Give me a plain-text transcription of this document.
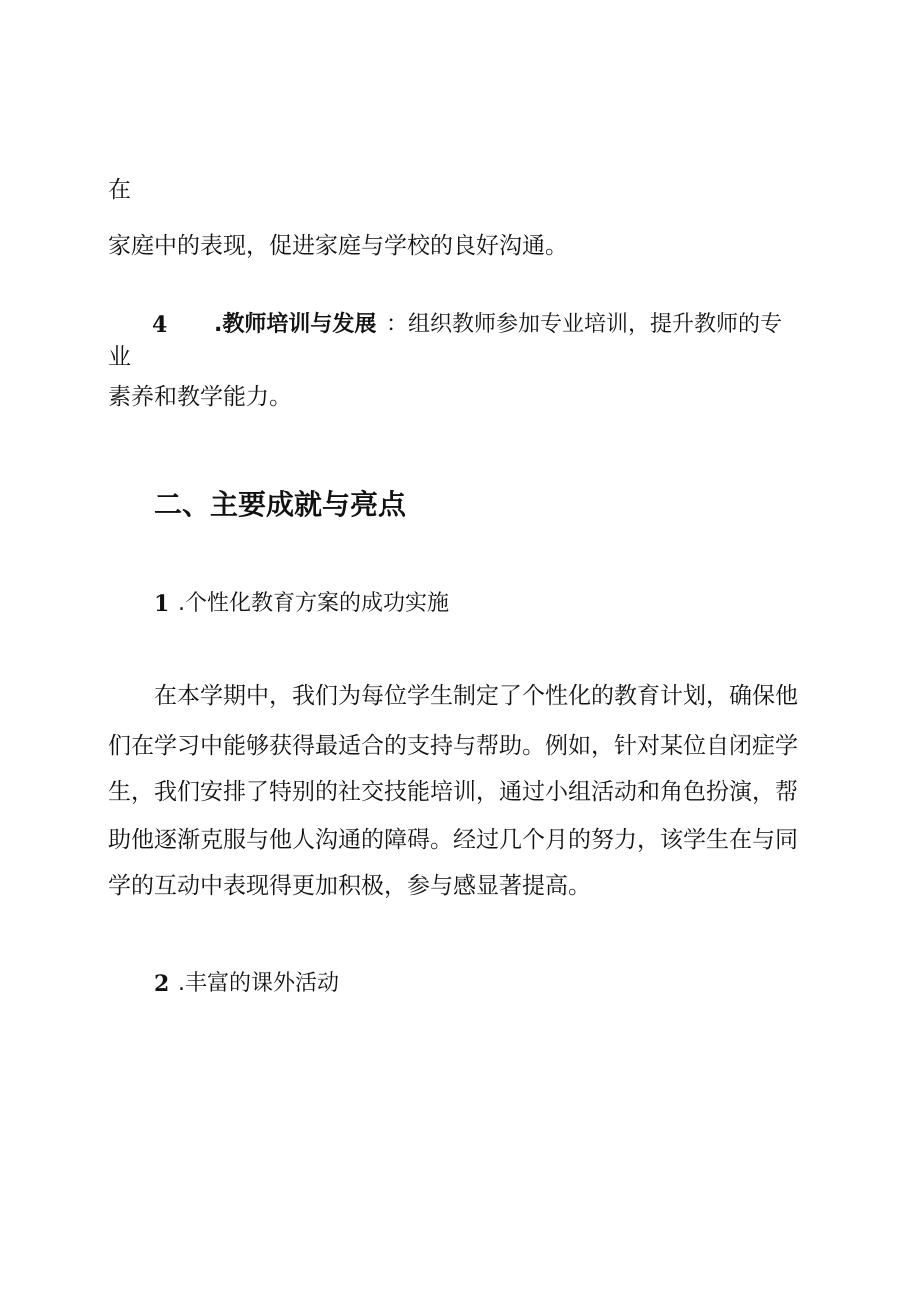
在
家庭中的表现，促进家庭与学校的良好沟通。
4 .教师培训与发展 ：组织教师参加专业培训，提升教师的专
业
素养和教学能力。
二、主要成就与亮点
1 .个性化教育方案的成功实施
在本学期中，我们为每位学生制定了个性化的教育计划，确保他
们在学习中能够获得最适合的支持与帮助。例如，针对某位自闭症学
生，我们安排了特别的社交技能培训，通过小组活动和角色扮演，帮
助他逐渐克服与他人沟通的障碍。经过几个月的努力，该学生在与同
学的互动中表现得更加积极，参与感显著提高。
2 .丰富的课外活动
